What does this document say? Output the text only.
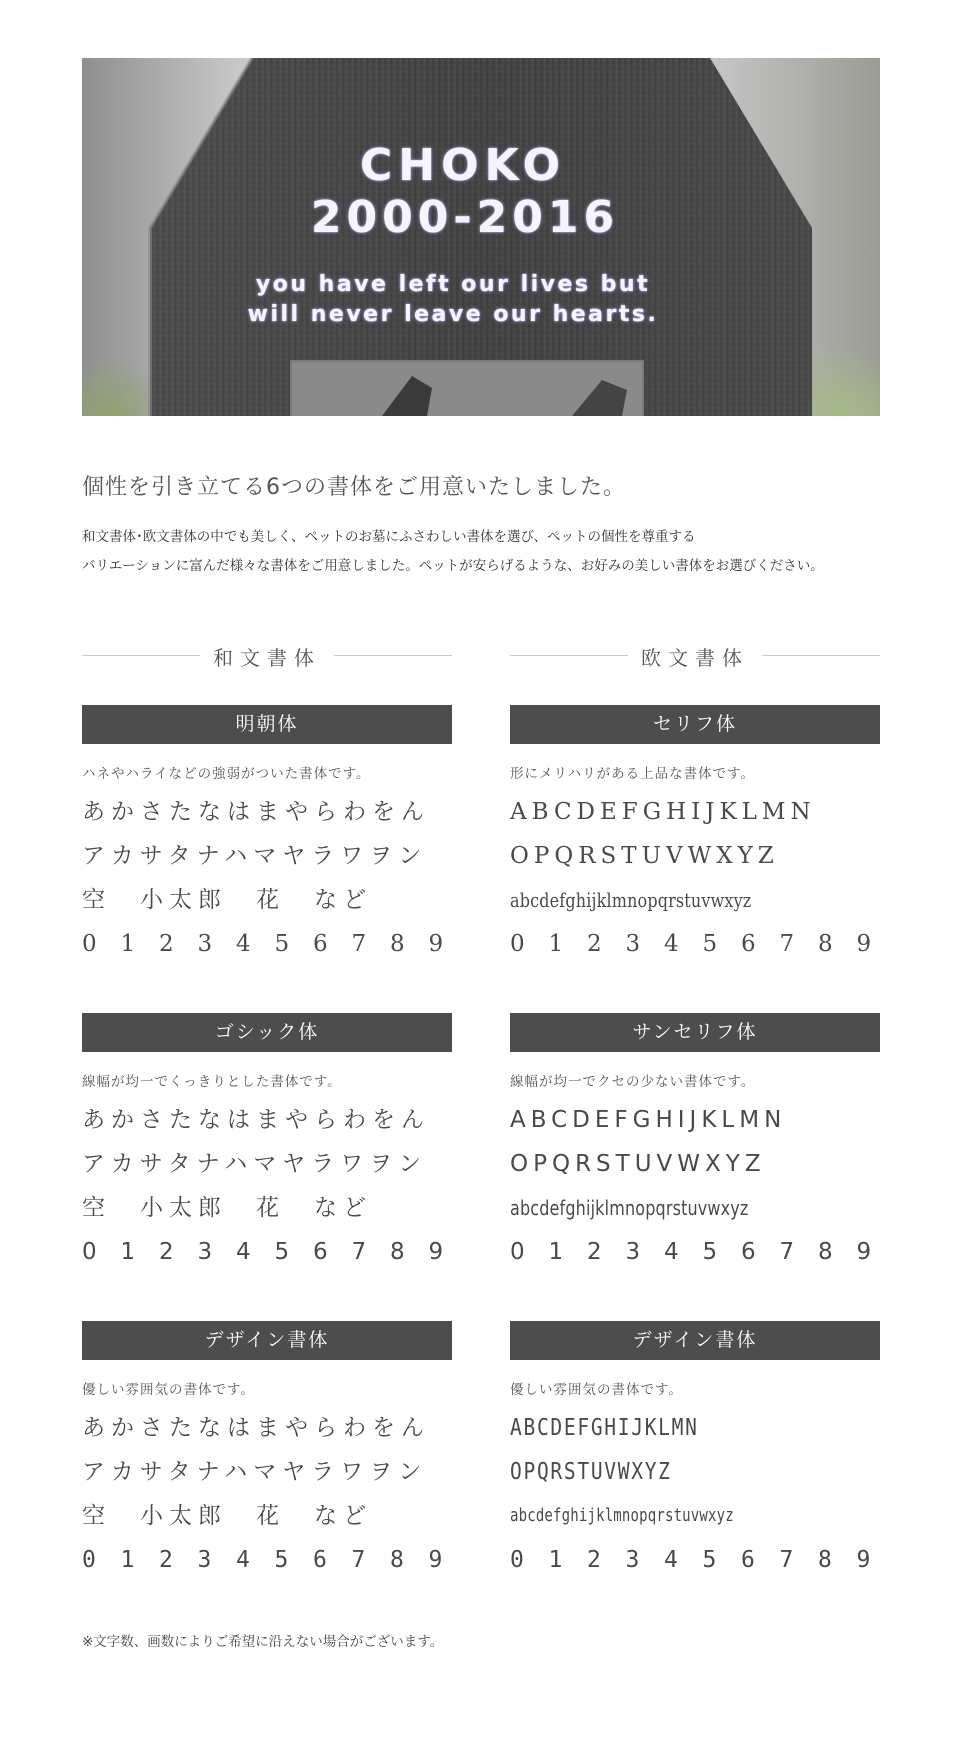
CHOKO
2000-2016
you have left our lives but
will never leave our hearts.
個性を引き立てる6つの書体をご用意いたしました。

和文書体･欧文書体の中でも美しく、ペットのお墓にふさわしい書体を選び、ペットの個性を尊重する
バリエーションに富んだ様々な書体をご用意しました。ペットが安らげるような、お好みの美しい書体をお選びください。

和文書体	欧文書体
明朝体
ハネやハライなどの強弱がついた書体です。
あかさたなはまやらわをん
アカサタナハマヤラワヲン
空　小太郎　花　など
0 1 2 3 4 5 6 7 8 9
セリフ体
形にメリハリがある上品な書体です。
ABCDEFGHIJKLMN
OPQRSTUVWXYZ
abcdefghijklmnopqrstuvwxyz
0 1 2 3 4 5 6 7 8 9
ゴシック体
線幅が均一でくっきりとした書体です。
あかさたなはまやらわをん
アカサタナハマヤラワヲン
空　小太郎　花　など
0 1 2 3 4 5 6 7 8 9
サンセリフ体
線幅が均一でクセの少ない書体です。
ABCDEFGHIJKLMN
OPQRSTUVWXYZ
abcdefghijklmnopqrstuvwxyz
0 1 2 3 4 5 6 7 8 9
デザイン書体
優しい雰囲気の書体です。
あかさたなはまやらわをん
アカサタナハマヤラワヲン
空　小太郎　花　など
0 1 2 3 4 5 6 7 8 9
デザイン書体
優しい雰囲気の書体です。
ABCDEFGHIJKLMN
OPQRSTUVWXYZ
abcdefghijklmnopqrstuvwxyz
0 1 2 3 4 5 6 7 8 9

※文字数、画数によりご希望に沿えない場合がございます。
